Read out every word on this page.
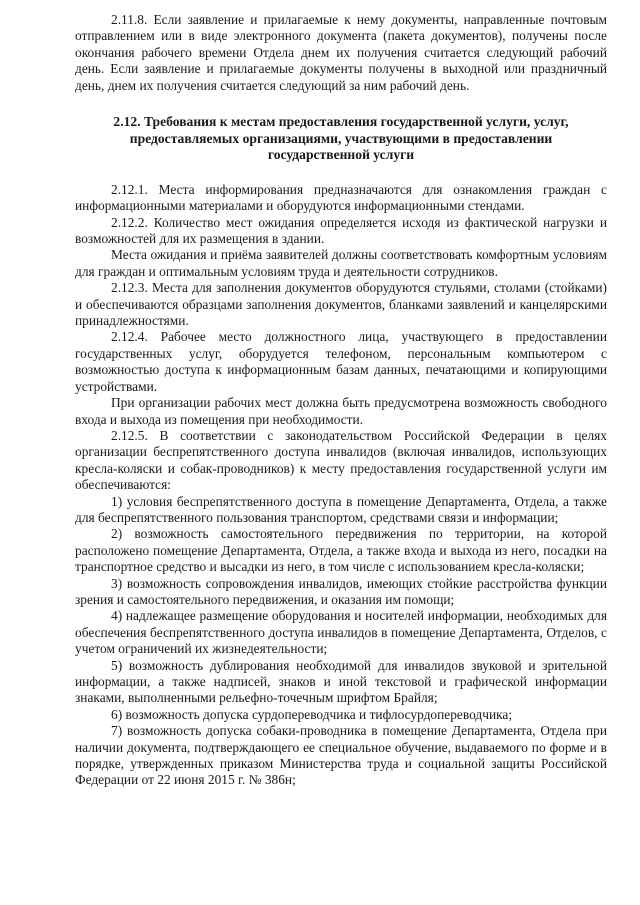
2.11.8. Если заявление и прилагаемые к нему документы, направленные почтовым отправлением или в виде электронного документа (пакета документов), получены после окончания рабочего времени Отдела днем их получения считается следующий рабочий день. Если заявление и прилагаемые документы получены в выходной или праздничный день, днем их получения считается следующий за ним рабочий день.

2.12. Требования к местам предоставления государственной услуги, услуг, предоставляемых организациями, участвующими в предоставлении государственной услуги

2.12.1. Места информирования предназначаются для ознакомления граждан с информационными материалами и оборудуются информационными стендами.

2.12.2. Количество мест ожидания определяется исходя из фактической нагрузки и возможностей для их размещения в здании.

Места ожидания и приёма заявителей должны соответствовать комфортным условиям для граждан и оптимальным условиям труда и деятельности сотрудников.

2.12.3. Места для заполнения документов оборудуются стульями, столами (стойками) и обеспечиваются образцами заполнения документов, бланками заявлений и канцелярскими принадлежностями.

2.12.4. Рабочее место должностного лица, участвующего в предоставлении государственных услуг, оборудуется телефоном, персональным компьютером с возможностью доступа к информационным базам данных, печатающими и копирующими устройствами.

При организации рабочих мест должна быть предусмотрена возможность свободного входа и выхода из помещения при необходимости.

2.12.5. В соответствии с законодательством Российской Федерации в целях организации беспрепятственного доступа инвалидов (включая инвалидов, использующих кресла-коляски и собак-проводников) к месту предоставления государственной услуги им обеспечиваются:

1) условия беспрепятственного доступа в помещение Департамента, Отдела, а также для беспрепятственного пользования транспортом, средствами связи и информации;

2) возможность самостоятельного передвижения по территории, на которой расположено помещение Департамента, Отдела, а также входа и выхода из него, посадки на транспортное средство и высадки из него, в том числе с использованием кресла-коляски;

3) возможность сопровождения инвалидов, имеющих стойкие расстройства функции зрения и самостоятельного передвижения, и оказания им помощи;

4) надлежащее размещение оборудования и носителей информации, необходимых для обеспечения беспрепятственного доступа инвалидов в помещение Департамента, Отделов, с учетом ограничений их жизнедеятельности;

5) возможность дублирования необходимой для инвалидов звуковой и зрительной информации, а также надписей, знаков и иной текстовой и графической информации знаками, выполненными рельефно-точечным шрифтом Брайля;

6) возможность допуска сурдопереводчика и тифлосурдопереводчика;

7) возможность допуска собаки-проводника в помещение Департамента, Отдела при наличии документа, подтверждающего ее специальное обучение, выдаваемого по форме и в порядке, утвержденных приказом Министерства труда и социальной защиты Российской Федерации от 22 июня 2015 г. № 386н;
